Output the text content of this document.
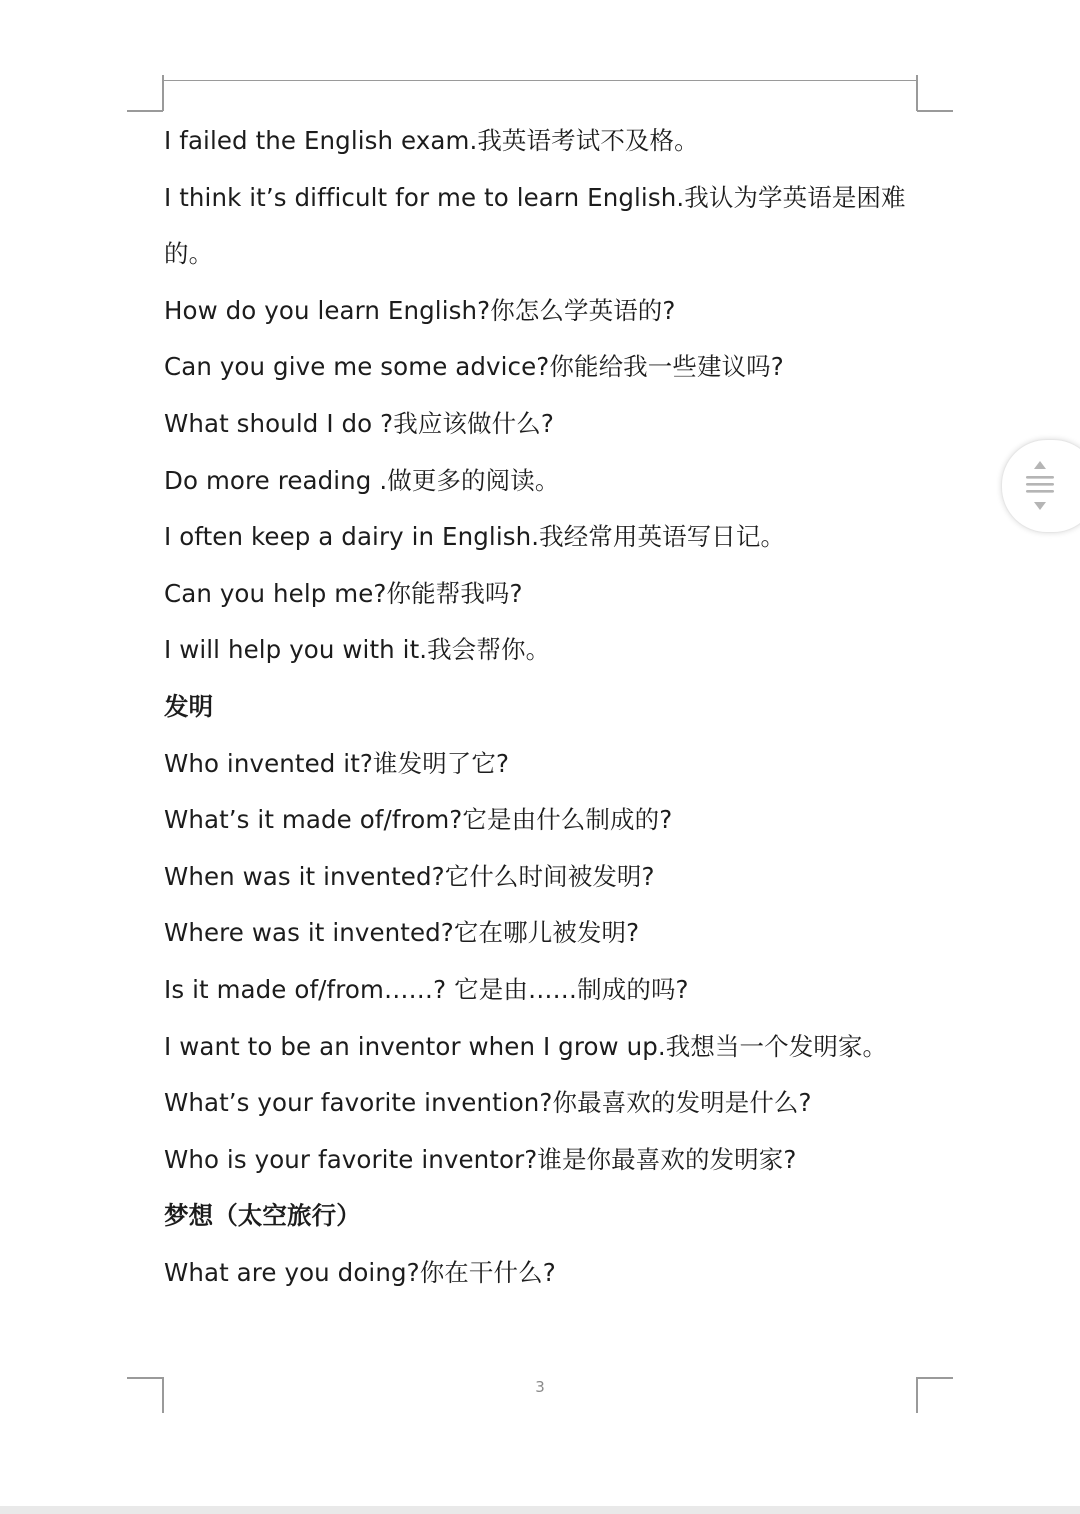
I failed the English exam.我英语考试不及格。
I think it’s difficult for me to learn English.我认为学英语是困难的。
How do you learn English?你怎么学英语的?
Can you give me some advice?你能给我一些建议吗?
What should I do ?我应该做什么?
Do more reading .做更多的阅读。
I often keep a dairy in English.我经常用英语写日记。
Can you help me?你能帮我吗?
I will help you with it.我会帮你。
发明
Who invented it?谁发明了它?
What’s it made of/from?它是由什么制成的?
When was it invented?它什么时间被发明?
Where was it invented?它在哪儿被发明?
Is it made of/from……? 它是由……制成的吗?
I want to be an inventor when I grow up.我想当一个发明家。
What’s your favorite invention?你最喜欢的发明是什么?
Who is your favorite inventor?谁是你最喜欢的发明家?
梦想（太空旅行）
What are you doing?你在干什么?
3
